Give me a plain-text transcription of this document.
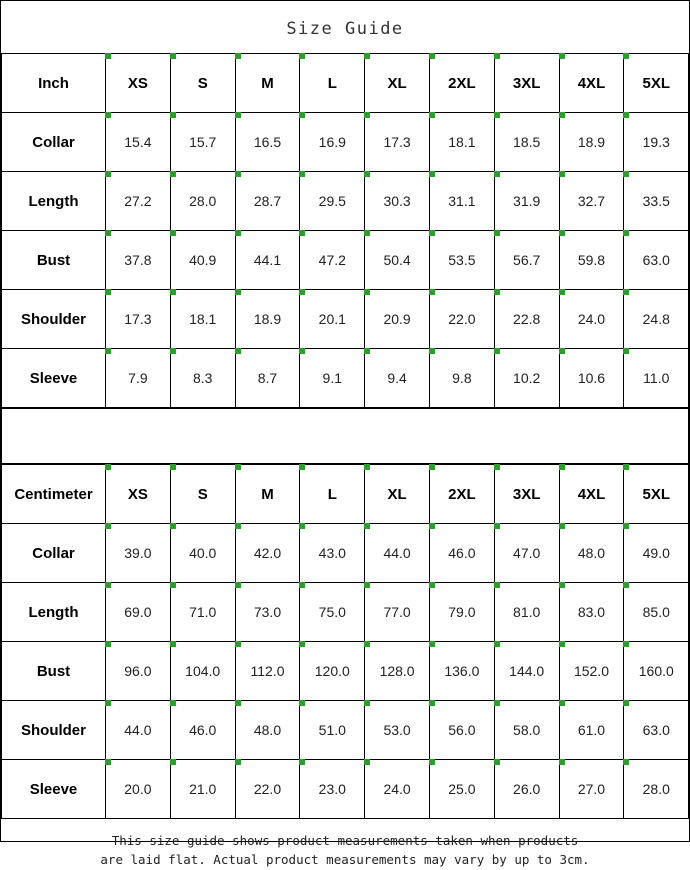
Size Guide
Inch	XS	S	M	L	XL	2XL	3XL	4XL	5XL

Collar	15.4	15.7	16.5	16.9	17.3	18.1	18.5	18.9	19.3

Length	27.2	28.0	28.7	29.5	30.3	31.1	31.9	32.7	33.5

Bust	37.8	40.9	44.1	47.2	50.4	53.5	56.7	59.8	63.0

Shoulder	17.3	18.1	18.9	20.1	20.9	22.0	22.8	24.0	24.8

Sleeve	7.9	8.3	8.7	9.1	9.4	9.8	10.2	10.6	11.0
Centimeter	XS	S	M	L	XL	2XL	3XL	4XL	5XL

Collar	39.0	40.0	42.0	43.0	44.0	46.0	47.0	48.0	49.0

Length	69.0	71.0	73.0	75.0	77.0	79.0	81.0	83.0	85.0

Bust	96.0	104.0	112.0	120.0	128.0	136.0	144.0	152.0	160.0

Shoulder	44.0	46.0	48.0	51.0	53.0	56.0	58.0	61.0	63.0

Sleeve	20.0	21.0	22.0	23.0	24.0	25.0	26.0	27.0	28.0
This size guide shows product measurements taken when products
are laid flat. Actual product measurements may vary by up to 3cm.
